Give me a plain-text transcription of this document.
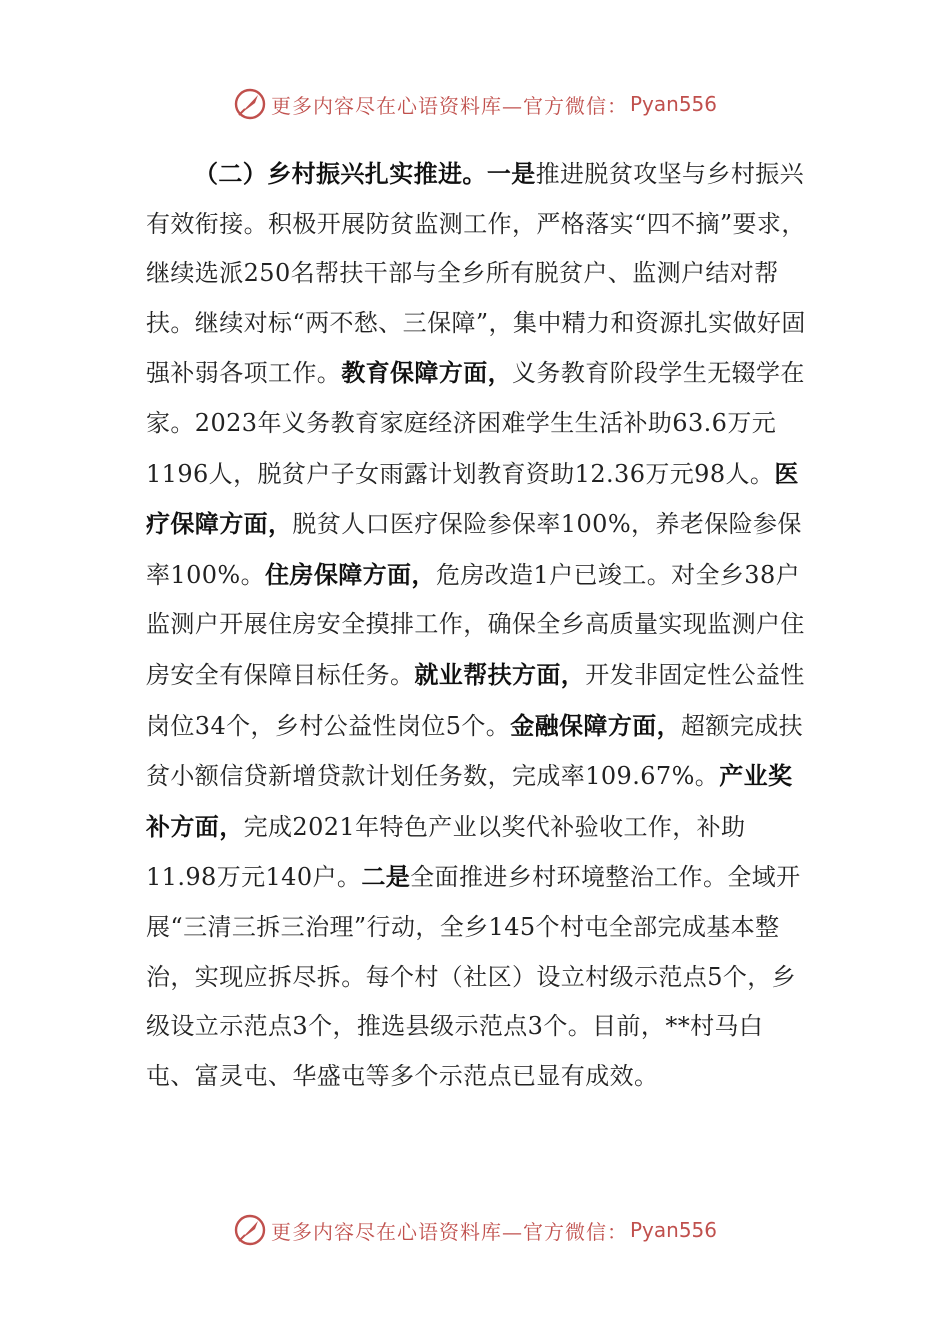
更多内容尽在心语资料库—官方微信： Pyan556

（二）乡村振兴扎实推进。一是推进脱贫攻坚与乡村振兴有效衔接。积极开展防贫监测工作，严格落实“四不摘”要求，继续选派250名帮扶干部与全乡所有脱贫户、监测户结对帮扶。继续对标“两不愁、三保障”，集中精力和资源扎实做好固强补弱各项工作。教育保障方面，义务教育阶段学生无辍学在家。2023年义务教育家庭经济困难学生生活补助63.6万元1196人，脱贫户子女雨露计划教育资助12.36万元98人。医疗保障方面，脱贫人口医疗保险参保率100%，养老保险参保率100%。住房保障方面，危房改造1户已竣工。对全乡38户监测户开展住房安全摸排工作，确保全乡高质量实现监测户住房安全有保障目标任务。就业帮扶方面，开发非固定性公益性岗位34个，乡村公益性岗位5个。金融保障方面，超额完成扶贫小额信贷新增贷款计划任务数，完成率109.67%。产业奖补方面，完成2021年特色产业以奖代补验收工作，补助11.98万元140户。二是全面推进乡村环境整治工作。全域开展“三清三拆三治理”行动，全乡145个村屯全部完成基本整治，实现应拆尽拆。每个村（社区）设立村级示范点5个，乡级设立示范点3个，推选县级示范点3个。目前，**村马白屯、富灵屯、华盛屯等多个示范点已显有成效。

更多内容尽在心语资料库—官方微信： Pyan556
